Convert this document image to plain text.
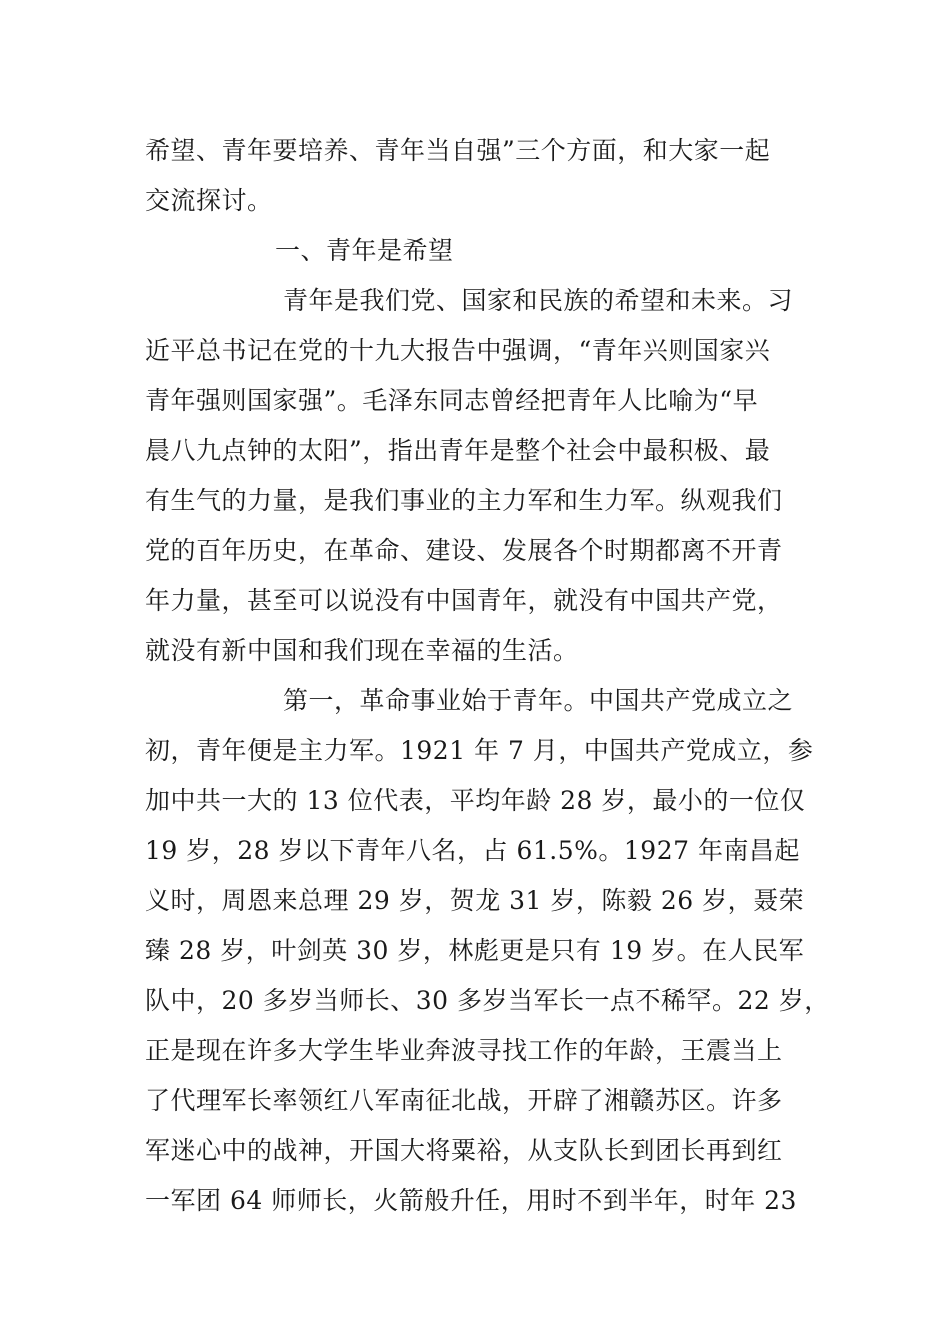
希望、青年要培养、青年当自强”三个方面，和大家一起
交流探讨。
一、青年是希望
青年是我们党、国家和民族的希望和未来。习
近平总书记在党的十九大报告中强调，“青年兴则国家兴
青年强则国家强”。毛泽东同志曾经把青年人比喻为“早
晨八九点钟的太阳”，指出青年是整个社会中最积极、最
有生气的力量，是我们事业的主力军和生力军。纵观我们
党的百年历史，在革命、建设、发展各个时期都离不开青
年力量，甚至可以说没有中国青年，就没有中国共产党，
就没有新中国和我们现在幸福的生活。
第一，革命事业始于青年。中国共产党成立之
初，青年便是主力军。1921 年 7 月，中国共产党成立，参
加中共一大的 13 位代表，平均年龄 28 岁，最小的一位仅
19 岁，28 岁以下青年八名，占 61.5%。1927 年南昌起
义时，周恩来总理 29 岁，贺龙 31 岁，陈毅 26 岁，聂荣
臻 28 岁，叶剑英 30 岁，林彪更是只有 19 岁。在人民军
队中，20 多岁当师长、30 多岁当军长一点不稀罕。22 岁，
正是现在许多大学生毕业奔波寻找工作的年龄，王震当上
了代理军长率领红八军南征北战，开辟了湘赣苏区。许多
军迷心中的战神，开国大将粟裕，从支队长到团长再到红
一军团 64 师师长，火箭般升任，用时不到半年，时年 23
